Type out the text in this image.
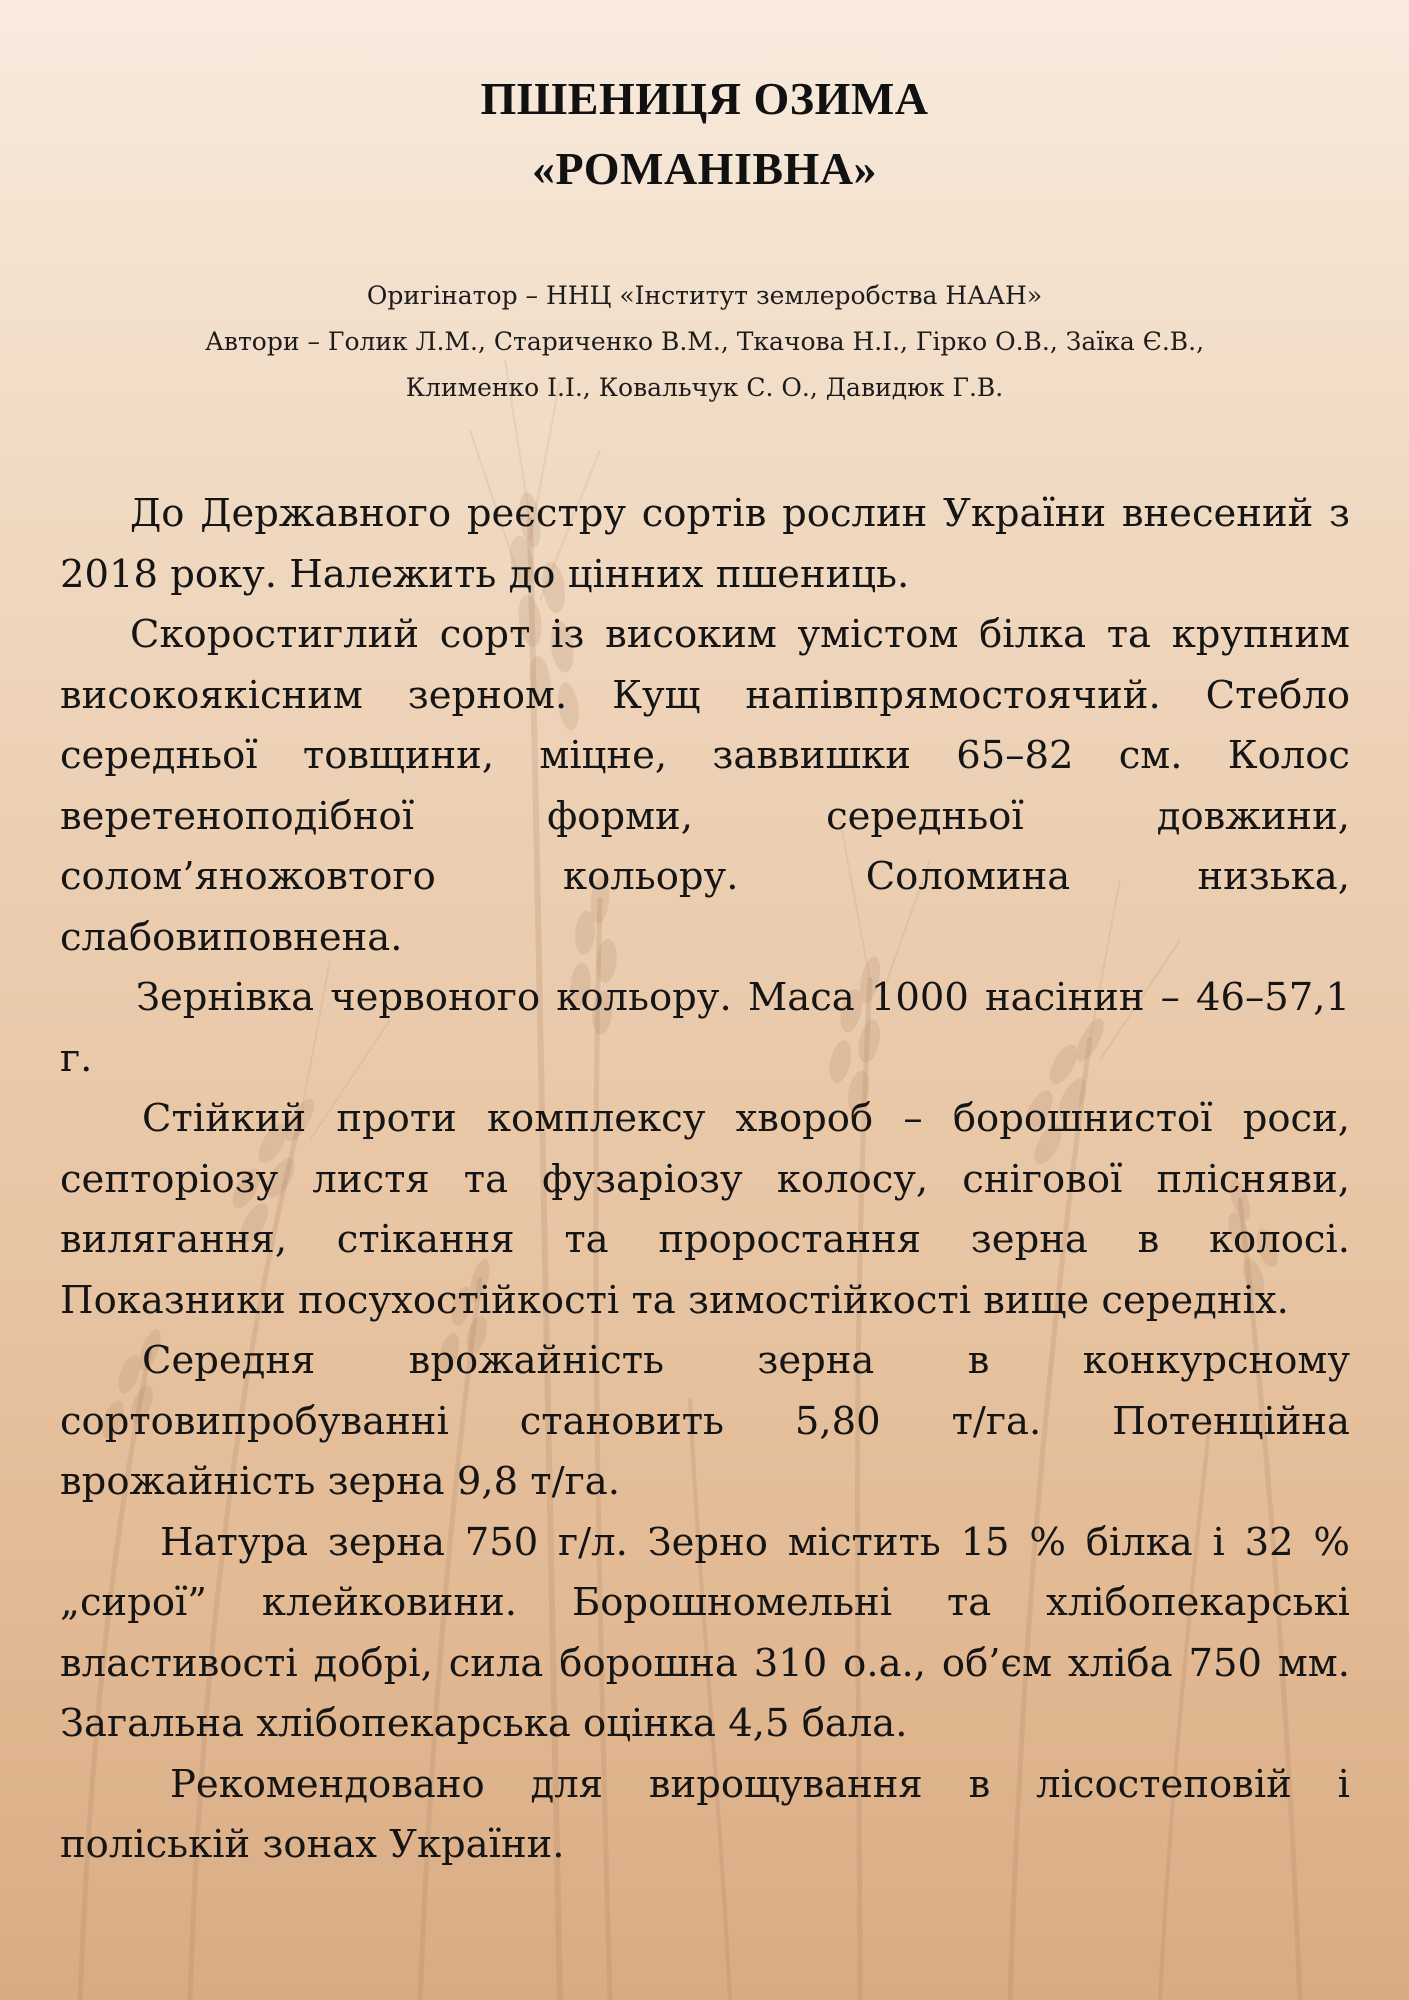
ПШЕНИЦЯ ОЗИМА
«РОМАНІВНА»
Оригінатор – ННЦ «Інститут землеробства НААН»
Автори – Голик Л.М., Стариченко В.М., Ткачова Н.І., Гірко О.В., Заїка Є.В.,
Клименко І.І., Ковальчук С. О., Давидюк Г.В.

До Державного реєстру сортів рослин України внесений з 2018 року. Належить до цінних пшениць.

Скоростиглий сорт із високим умістом білка та крупним високоякісним зерном. Кущ напівпрямостоячий. Стебло середньої товщини, міцне, заввишки 65–82 см. Колос веретеноподібної форми, середньої довжини, солом’яножовтого кольору. Соломина низька, слабовиповнена.

Зернівка червоного кольору. Маса 1000 насінин – 46–57,1 г.

Стійкий проти комплексу хвороб – борошнистої роси, септоріозу листя та фузаріозу колосу, снігової плісняви, вилягання, стікання та проростання зерна в колосі. Показники посухостійкості та зимостійкості вище середніх.

Середня врожайність зерна в конкурсному сортовипробуванні становить 5,80 т/га. Потенційна врожайність зерна 9,8 т/га.

Натура зерна 750 г/л. Зерно містить 15 % білка і 32 % „сирої” клейковини. Борошномельні та хлібопекарські властивості добрі, сила борошна 310 о.а., об’єм хліба 750 мм. Загальна хлібопекарська оцінка 4,5 бала.

Рекомендовано для вирощування в лісостеповій і поліській зонах України.
